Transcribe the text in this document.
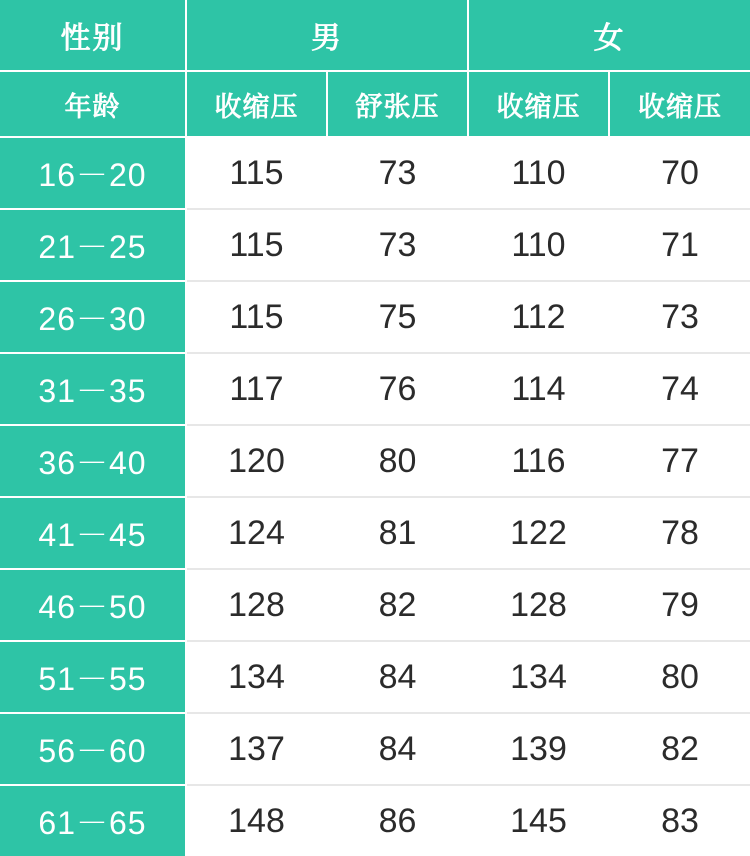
性别	男		女	
年龄	收缩压	舒张压	收缩压	收缩压
16－20	115	73	110	70
21－25	115	73	110	71
26－30	115	75	112	73
31－35	117	76	114	74
36－40	120	80	116	77
41－45	124	81	122	78
46－50	128	82	128	79
51－55	134	84	134	80
56－60	137	84	139	82
61－65	148	86	145	83
